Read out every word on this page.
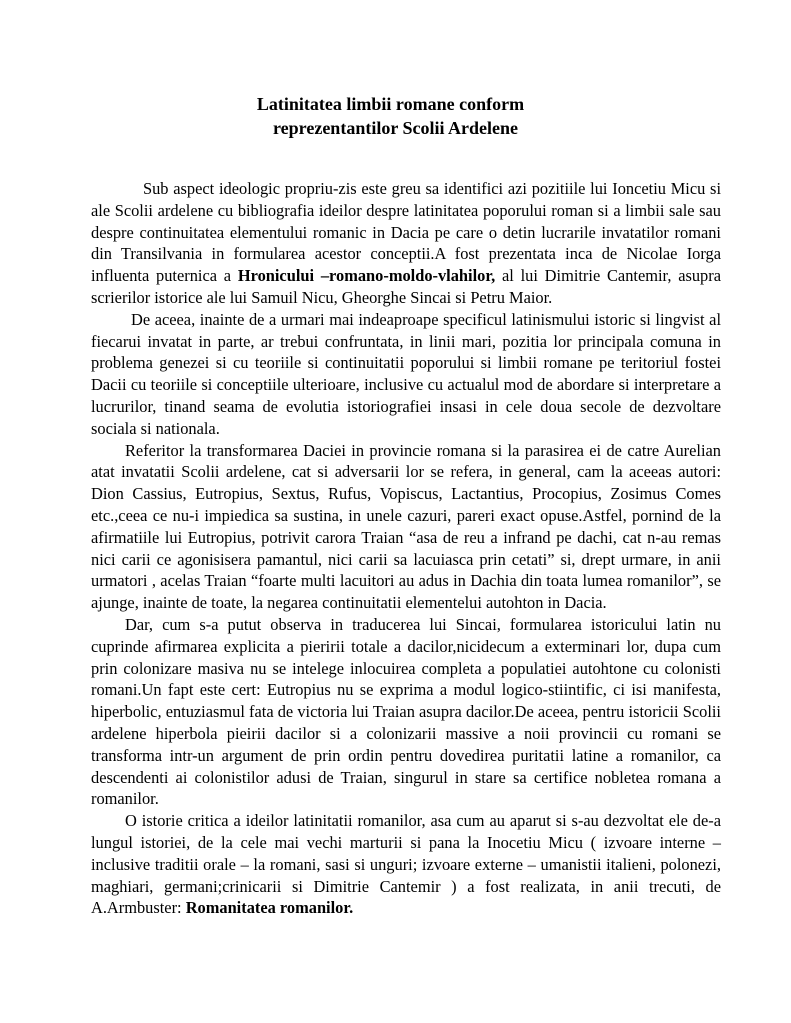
Latinitatea limbii romane conform
reprezentantilor Scolii Ardelene

Sub aspect ideologic propriu-zis este greu sa identifici azi pozitiile lui Ioncetiu Micu si ale Scolii ardelene cu bibliografia ideilor despre latinitatea poporului roman si a limbii sale sau despre continuitatea elementului romanic in Dacia pe care o detin lucrarile invatatilor romani din Transilvania in formularea acestor conceptii.A fost prezentata inca de Nicolae Iorga influenta puternica a Hronicului –romano-moldo-vlahilor, al lui Dimitrie Cantemir, asupra scrierilor istorice ale lui Samuil Nicu, Gheorghe Sincai si Petru Maior.

De aceea, inainte de a urmari mai indeaproape specificul latinismului istoric si lingvist al fiecarui invatat in parte, ar trebui confruntata, in linii mari, pozitia lor principala comuna in problema genezei si cu teoriile si continuitatii poporului si limbii romane pe teritoriul fostei Dacii cu teoriile si conceptiile ulterioare, inclusive cu actualul mod de abordare si interpretare a lucrurilor, tinand seama de evolutia istoriografiei insasi in cele doua secole de dezvoltare sociala si nationala.

Referitor la transformarea Daciei in provincie romana si la parasirea ei de catre Aurelian atat invatatii Scolii ardelene, cat si adversarii lor se refera, in general, cam la aceeas autori: Dion Cassius, Eutropius, Sextus, Rufus, Vopiscus, Lactantius, Procopius, Zosimus Comes etc.,ceea ce nu-i impiedica sa sustina, in unele cazuri, pareri exact opuse.Astfel, pornind de la afirmatiile lui Eutropius, potrivit carora Traian “asa de reu a infrand pe dachi, cat n-au remas nici carii ce agonisisera pamantul, nici carii sa lacuiasca prin cetati” si, drept urmare, in anii urmatori , acelas Traian “foarte multi lacuitori au adus in Dachia din toata lumea romanilor”, se ajunge, inainte de toate, la negarea continuitatii elementelui autohton in Dacia.

Dar, cum s-a putut observa in traducerea lui Sincai, formularea istoricului latin nu cuprinde afirmarea explicita a pieririi totale a dacilor,nicidecum a exterminari lor, dupa cum prin colonizare masiva nu se intelege inlocuirea completa a populatiei autohtone cu colonisti romani.Un fapt este cert: Eutropius nu se exprima a modul logico-stiintific, ci isi manifesta, hiperbolic, entuziasmul fata de victoria lui Traian asupra dacilor.De aceea, pentru istoricii Scolii ardelene hiperbola pieirii dacilor si a colonizarii massive a noii provincii cu romani se transforma intr-un argument de prin ordin pentru dovedirea puritatii latine a romanilor, ca descendenti ai colonistilor adusi de Traian, singurul in stare sa certifice nobletea romana a romanilor.

O istorie critica a ideilor latinitatii romanilor, asa cum au aparut si s-au dezvoltat ele de-a lungul istoriei, de la cele mai vechi marturii si pana la Inocetiu Micu ( izvoare interne – inclusive traditii orale – la romani, sasi si unguri; izvoare externe – umanistii italieni, polonezi, maghiari, germani;crinicarii si Dimitrie Cantemir ) a fost realizata, in anii trecuti, de A.Armbuster: Romanitatea romanilor.
